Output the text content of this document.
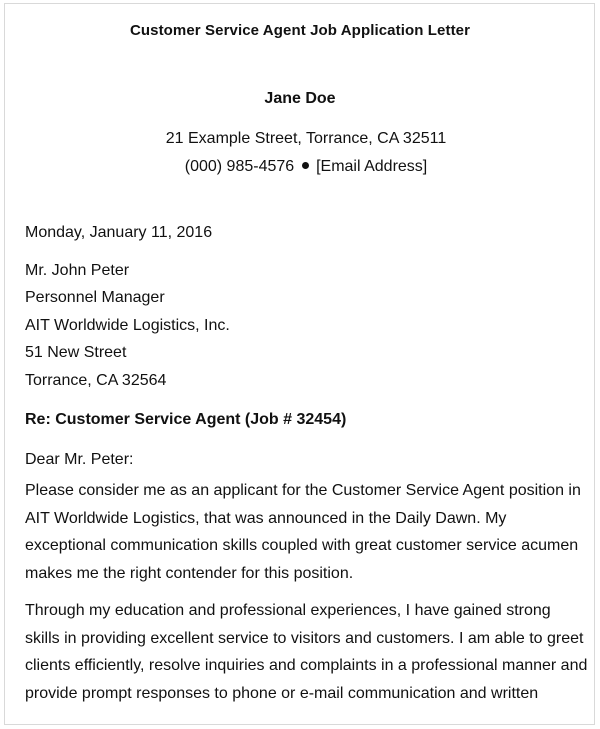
Customer Service Agent Job Application Letter
Jane Doe
21 Example Street, Torrance, CA 32511
(000) 985-4576 [Email Address]
Monday, January 11, 2016
Mr. John Peter
Personnel Manager
AIT Worldwide Logistics, Inc.
51 New Street
Torrance, CA 32564
Re: Customer Service Agent (Job # 32454)
Dear Mr. Peter:
Please consider me as an applicant for the Customer Service Agent position in
AIT Worldwide Logistics, that was announced in the Daily Dawn. My
exceptional communication skills coupled with great customer service acumen
makes me the right contender for this position.
Through my education and professional experiences, I have gained strong
skills in providing excellent service to visitors and customers. I am able to greet
clients efficiently, resolve inquiries and complaints in a professional manner and
provide prompt responses to phone or e-mail communication and written
